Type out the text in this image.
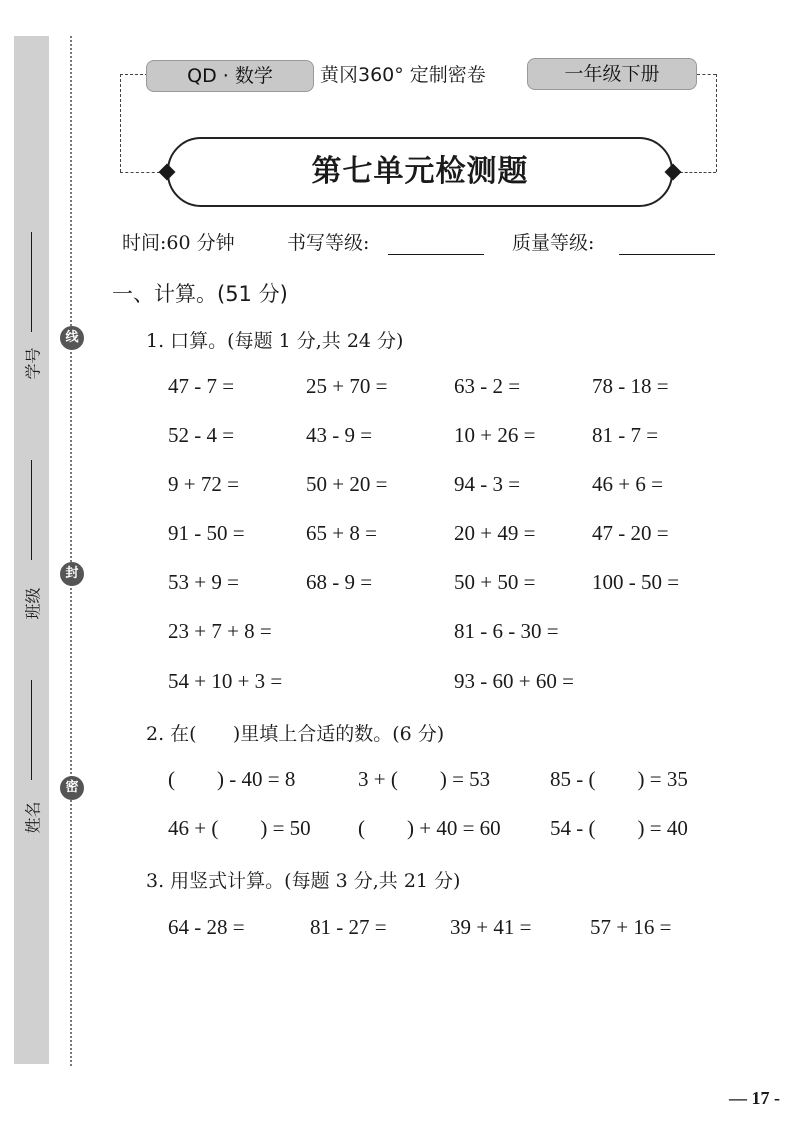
学号
班级
姓名
线
封
密
QD · 数学	黄冈360° 定制密卷	一年级下册
第七单元检测题
时间:60 分钟	书写等级:	质量等级:
一、计算。(51 分)
1. 口算。(每题 1 分,共 24 分)
47 - 7 =	25 + 70 =	63 - 2 =	78 - 18 =
52 - 4 =	43 - 9 =	10 + 26 =	81 - 7 =
9 + 72 =	50 + 20 =	94 - 3 =	46 + 6 =
91 - 50 =	65 + 8 =	20 + 49 =	47 - 20 =
53 + 9 =	68 - 9 =	50 + 50 =	100 - 50 =
23 + 7 + 8 =	81 - 6 - 30 =
54 + 10 + 3 =	93 - 60 + 60 =
2. 在(      )里填上合适的数。(6 分)
(        ) - 40 = 8	3 + (        ) = 53	85 - (        ) = 35
46 + (        ) = 50 (        ) + 40 = 60 54 - (        ) = 40
3. 用竖式计算。(每题 3 分,共 21 分)
64 - 28 =	81 - 27 =	39 + 41 =	57 + 16 =
— 17 -
